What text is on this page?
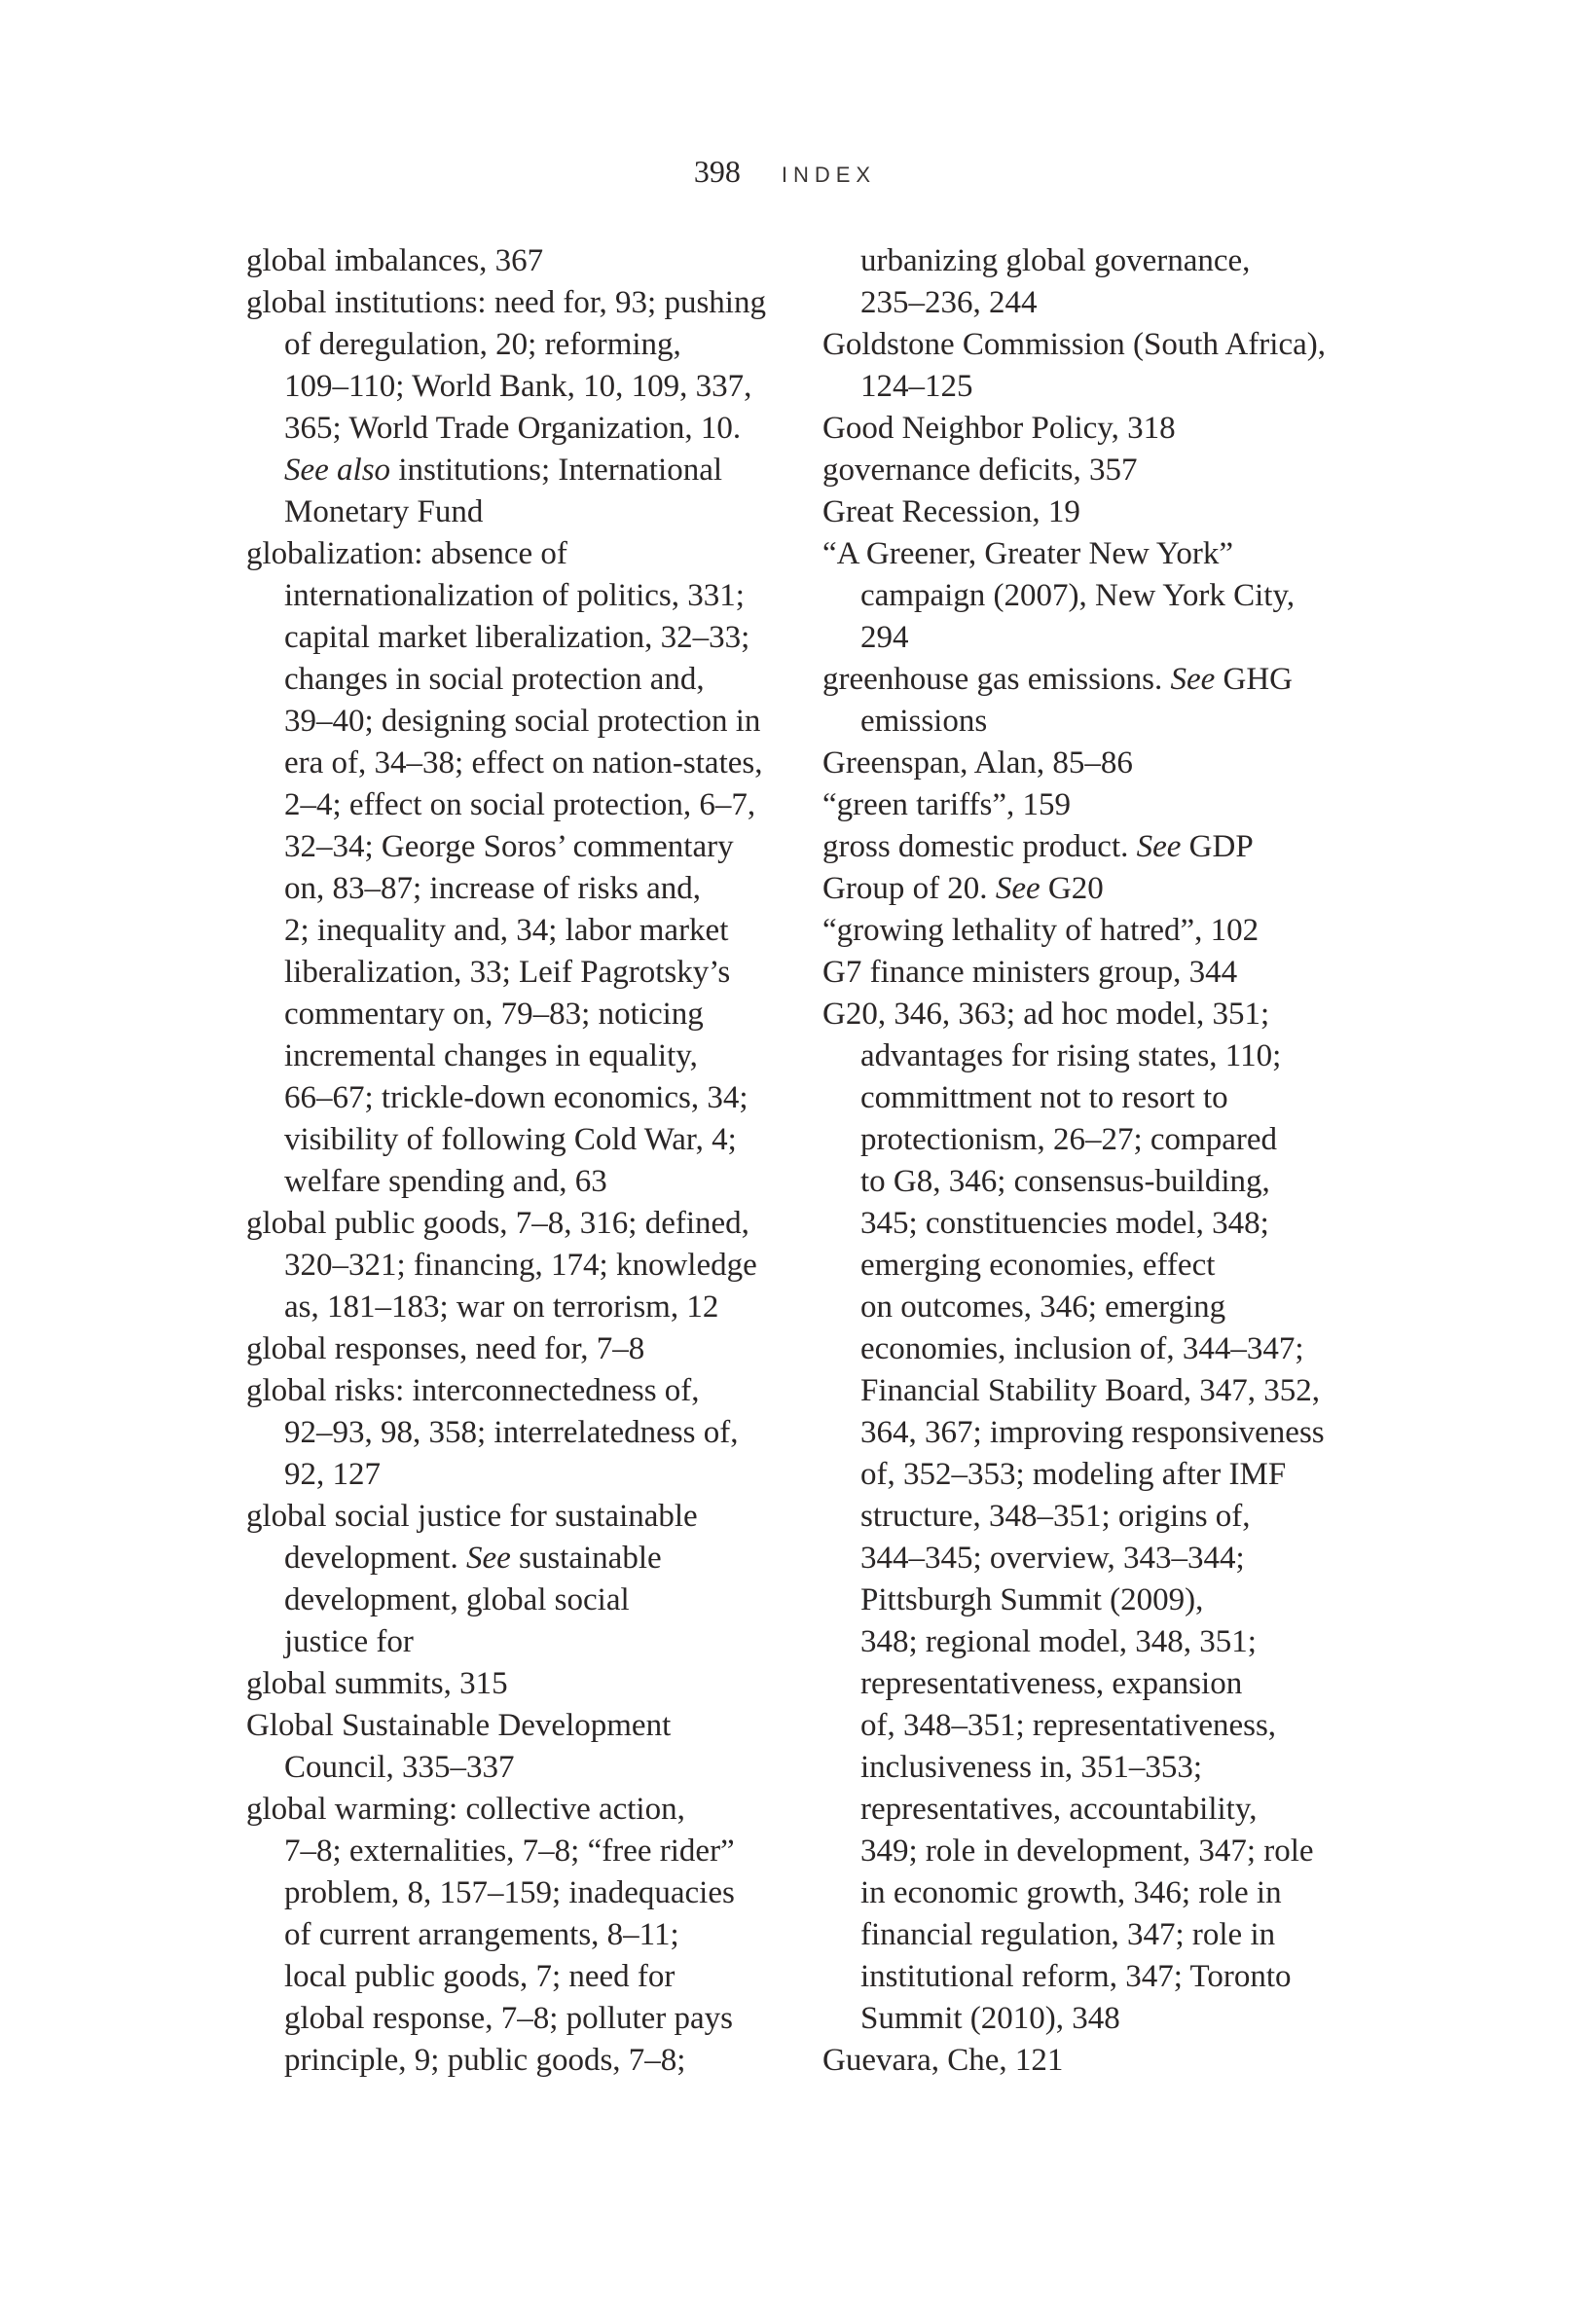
398 INDEX
global imbalances, 367
global institutions: need for, 93; pushing
of deregulation, 20; reforming,
109–110; World Bank, 10, 109, 337,
365; World Trade Organization, 10.
See also institutions; International
Monetary Fund
globalization: absence of
internationalization of politics, 331;
capital market liberalization, 32–33;
changes in social protection and,
39–40; designing social protection in
era of, 34–38; effect on nation-states,
2–4; effect on social protection, 6–7,
32–34; George Soros’ commentary
on, 83–87; increase of risks and,
2; inequality and, 34; labor market
liberalization, 33; Leif Pagrotsky’s
commentary on, 79–83; noticing
incremental changes in equality,
66–67; trickle-down economics, 34;
visibility of following Cold War, 4;
welfare spending and, 63
global public goods, 7–8, 316; defined,
320–321; financing, 174; knowledge
as, 181–183; war on terrorism, 12
global responses, need for, 7–8
global risks: interconnectedness of,
92–93, 98, 358; interrelatedness of,
92, 127
global social justice for sustainable
development. See sustainable
development, global social
justice for
global summits, 315
Global Sustainable Development
Council, 335–337
global warming: collective action,
7–8; externalities, 7–8; “free rider”
problem, 8, 157–159; inadequacies
of current arrangements, 8–11;
local public goods, 7; need for
global response, 7–8; polluter pays
principle, 9; public goods, 7–8;
urbanizing global governance,
235–236, 244
Goldstone Commission (South Africa),
124–125
Good Neighbor Policy, 318
governance deficits, 357
Great Recession, 19
“A Greener, Greater New York”
campaign (2007), New York City,
294
greenhouse gas emissions. See GHG
emissions
Greenspan, Alan, 85–86
“green tariffs”, 159
gross domestic product. See GDP
Group of 20. See G20
“growing lethality of hatred”, 102
G7 finance ministers group, 344
G20, 346, 363; ad hoc model, 351;
advantages for rising states, 110;
committment not to resort to
protectionism, 26–27; compared
to G8, 346; consensus-building,
345; constituencies model, 348;
emerging economies, effect
on outcomes, 346; emerging
economies, inclusion of, 344–347;
Financial Stability Board, 347, 352,
364, 367; improving responsiveness
of, 352–353; modeling after IMF
structure, 348–351; origins of,
344–345; overview, 343–344;
Pittsburgh Summit (2009),
348; regional model, 348, 351;
representativeness, expansion
of, 348–351; representativeness,
inclusiveness in, 351–353;
representatives, accountability,
349; role in development, 347; role
in economic growth, 346; role in
financial regulation, 347; role in
institutional reform, 347; Toronto
Summit (2010), 348
Guevara, Che, 121
